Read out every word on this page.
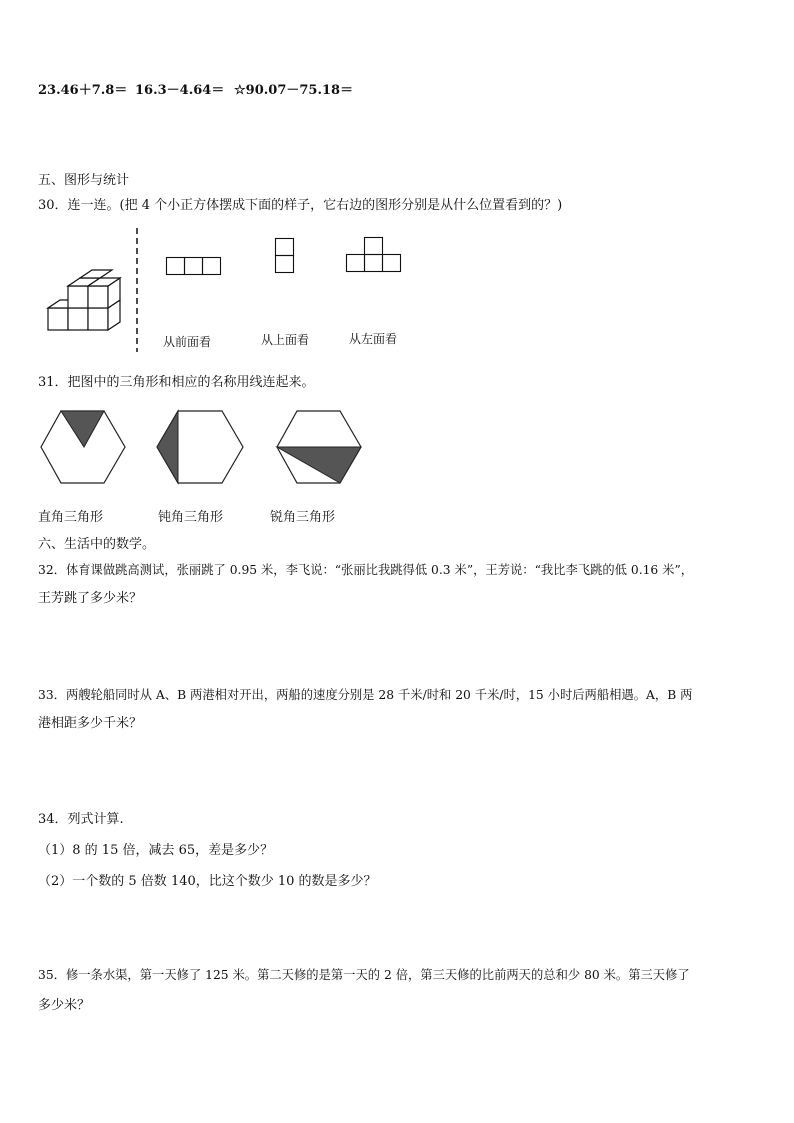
23.46＋7.8＝ 16.3－4.64＝ ☆90.07－75.18＝
五、图形与统计
30．连一连。(把 4 个小正方体摆成下面的样子，它右边的图形分别是从什么位置看到的？)
从前面看	从上面看	从左面看
31．把图中的三角形和相应的名称用线连起来。
直角三角形	钝角三角形	锐角三角形
六、生活中的数学。
32．体育课做跳高测试，张丽跳了 0.95 米，李飞说：“张丽比我跳得低 0.3 米”，王芳说：“我比李飞跳的低 0.16 米”，
王芳跳了多少米？
33．两艘轮船同时从 A、B 两港相对开出，两船的速度分别是 28 千米/时和 20 千米/时，15 小时后两船相遇。A，B 两
港相距多少千米？
34．列式计算.
（1）8 的 15 倍，减去 65，差是多少？
（2）一个数的 5 倍数 140，比这个数少 10 的数是多少？
35．修一条水渠，第一天修了 125 米。第二天修的是第一天的 2 倍，第三天修的比前两天的总和少 80 米。第三天修了
多少米？
